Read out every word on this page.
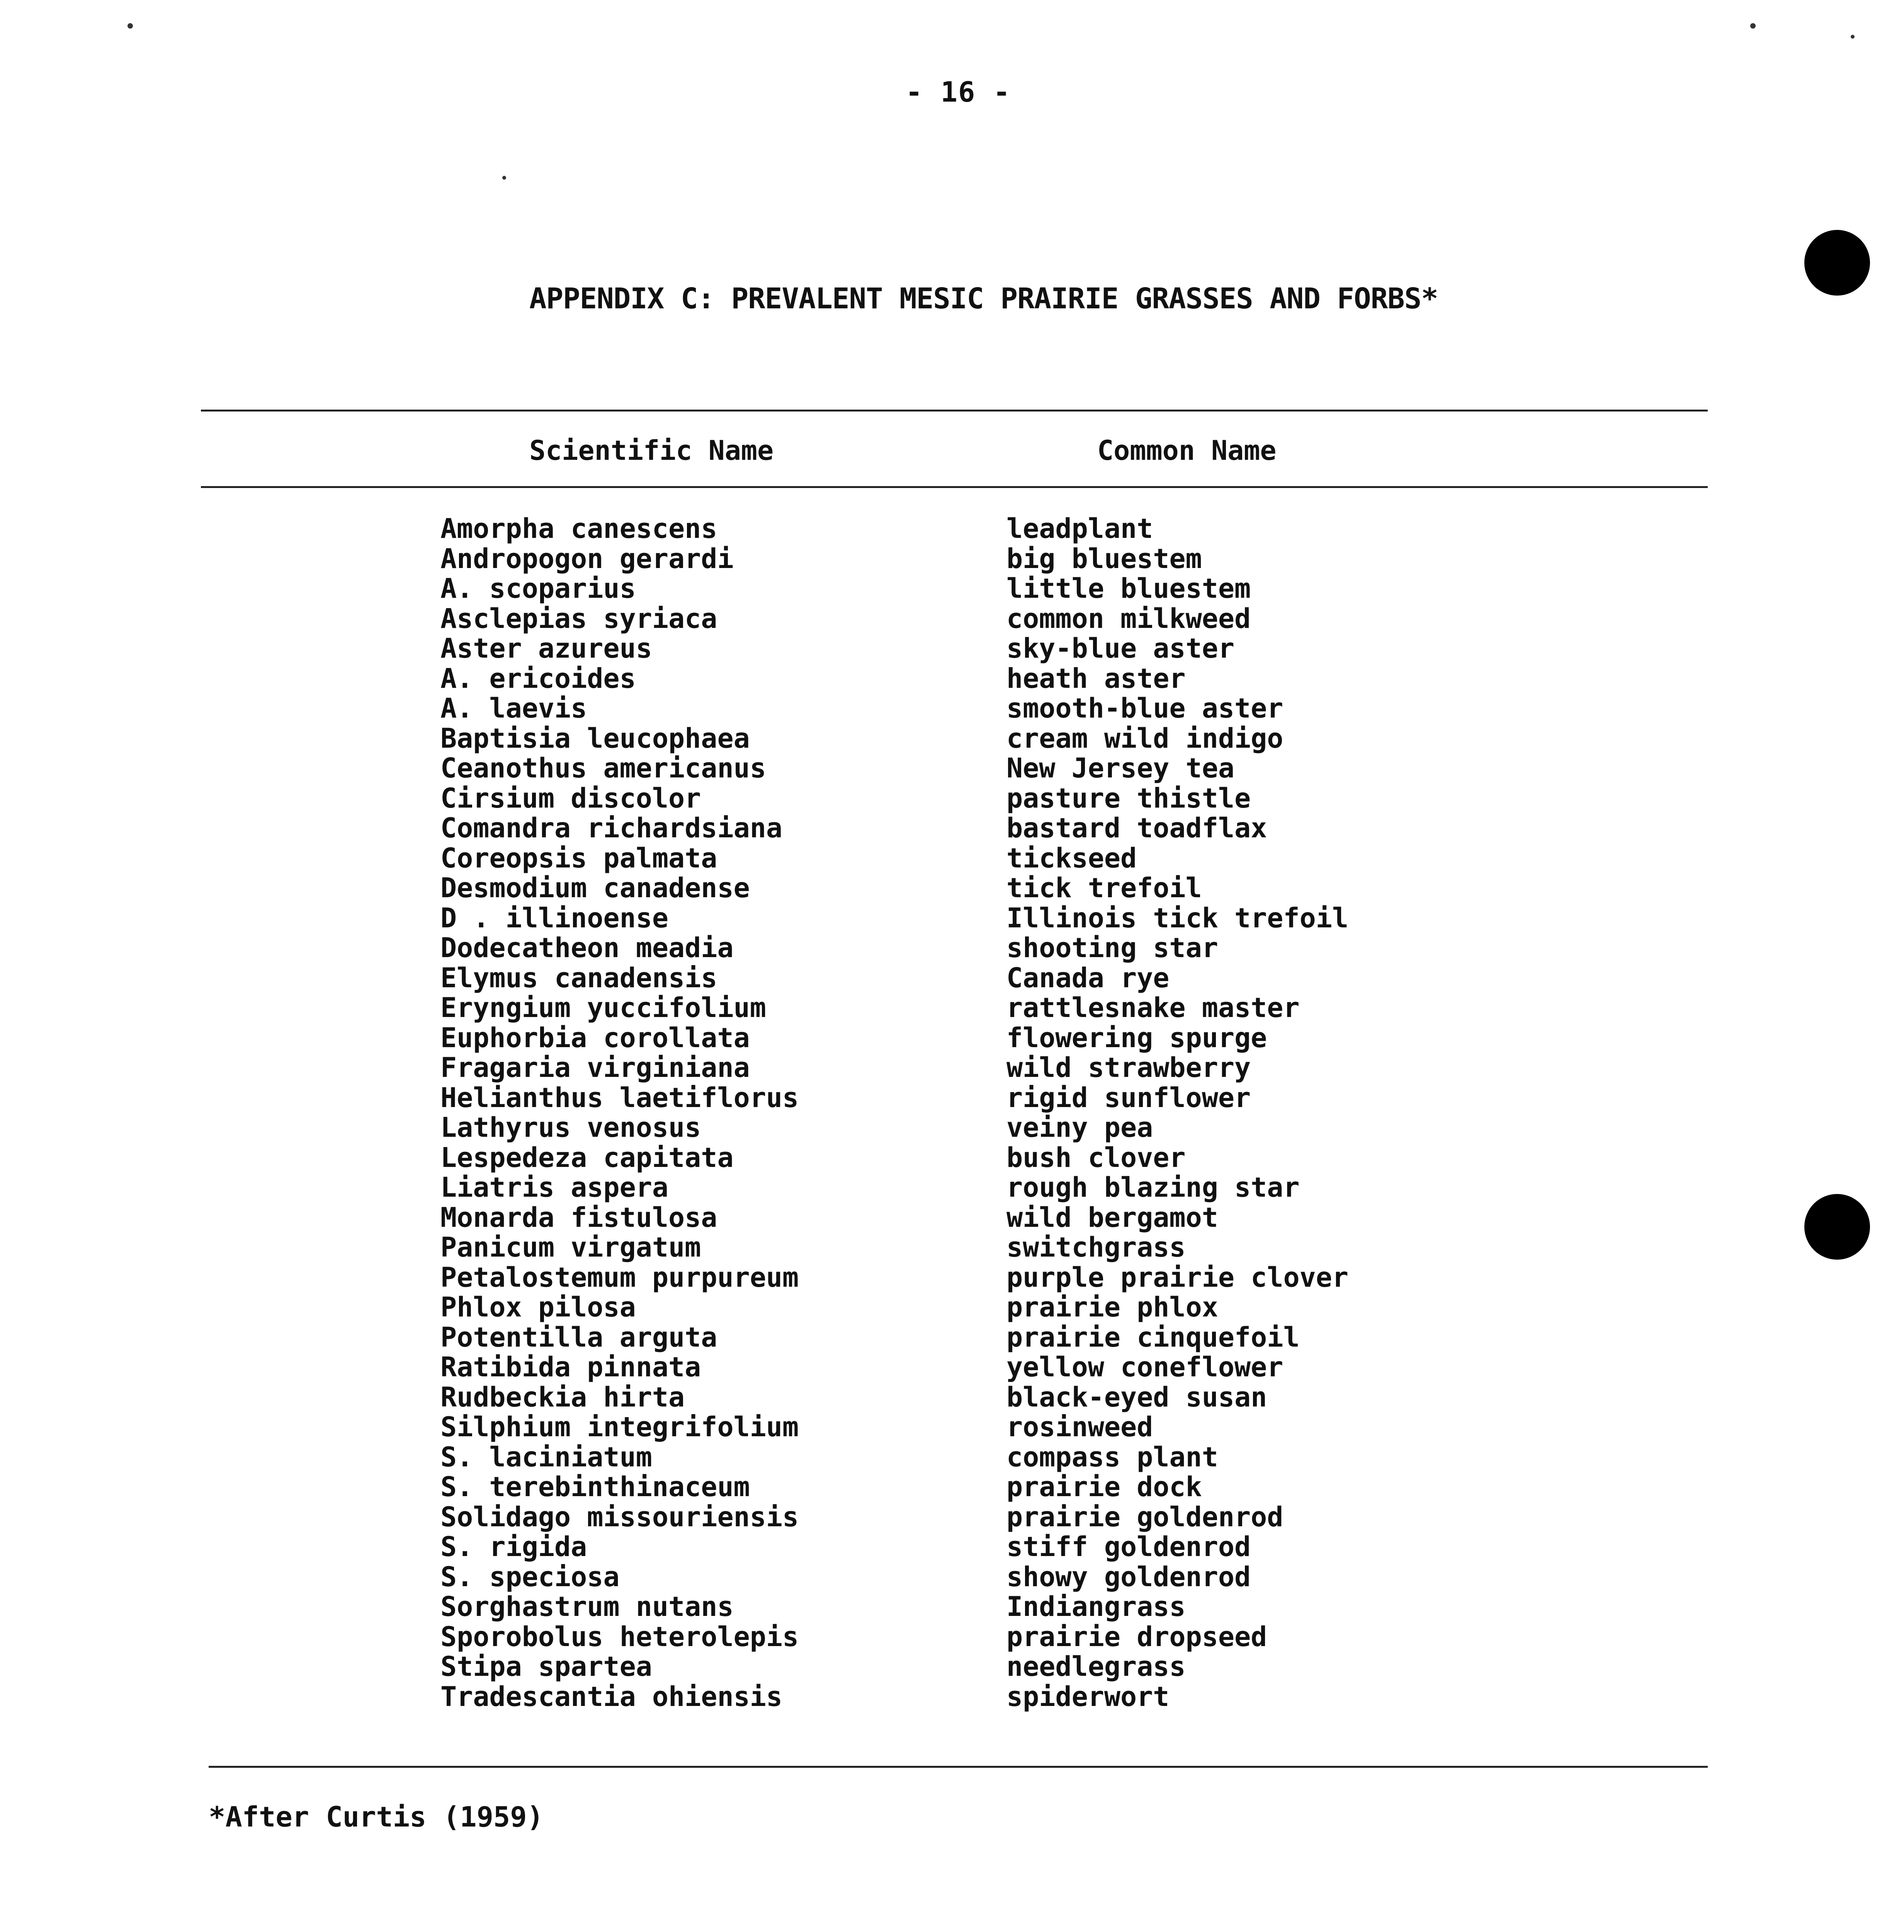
- 16 -
APPENDIX C: PREVALENT MESIC PRAIRIE GRASSES AND FORBS*
Scientific Name	Common Name
Amorpha canescens	leadplant
Andropogon gerardi	big bluestem
A. scoparius	little bluestem
Asclepias syriaca	common milkweed
Aster azureus	sky-blue aster
A. ericoides	heath aster
A. laevis	smooth-blue aster
Baptisia leucophaea	cream wild indigo
Ceanothus americanus	New Jersey tea
Cirsium discolor	pasture thistle
Comandra richardsiana	bastard toadflax
Coreopsis palmata	tickseed
Desmodium canadense	tick trefoil
D . illinoense	Illinois tick trefoil
Dodecatheon meadia	shooting star
Elymus canadensis	Canada rye
Eryngium yuccifolium	rattlesnake master
Euphorbia corollata	flowering spurge
Fragaria virginiana	wild strawberry
Helianthus laetiflorus	rigid sunflower
Lathyrus venosus	veiny pea
Lespedeza capitata	bush clover
Liatris aspera	rough blazing star
Monarda fistulosa	wild bergamot
Panicum virgatum	switchgrass
Petalostemum purpureum	purple prairie clover
Phlox pilosa	prairie phlox
Potentilla arguta	prairie cinquefoil
Ratibida pinnata	yellow coneflower
Rudbeckia hirta	black-eyed susan
Silphium integrifolium	rosinweed
S. laciniatum	compass plant
S. terebinthinaceum	prairie dock
Solidago missouriensis	prairie goldenrod
S. rigida	stiff goldenrod
S. speciosa	showy goldenrod
Sorghastrum nutans	Indiangrass
Sporobolus heterolepis	prairie dropseed
Stipa spartea	needlegrass
Tradescantia ohiensis	spiderwort
*After Curtis (1959)
